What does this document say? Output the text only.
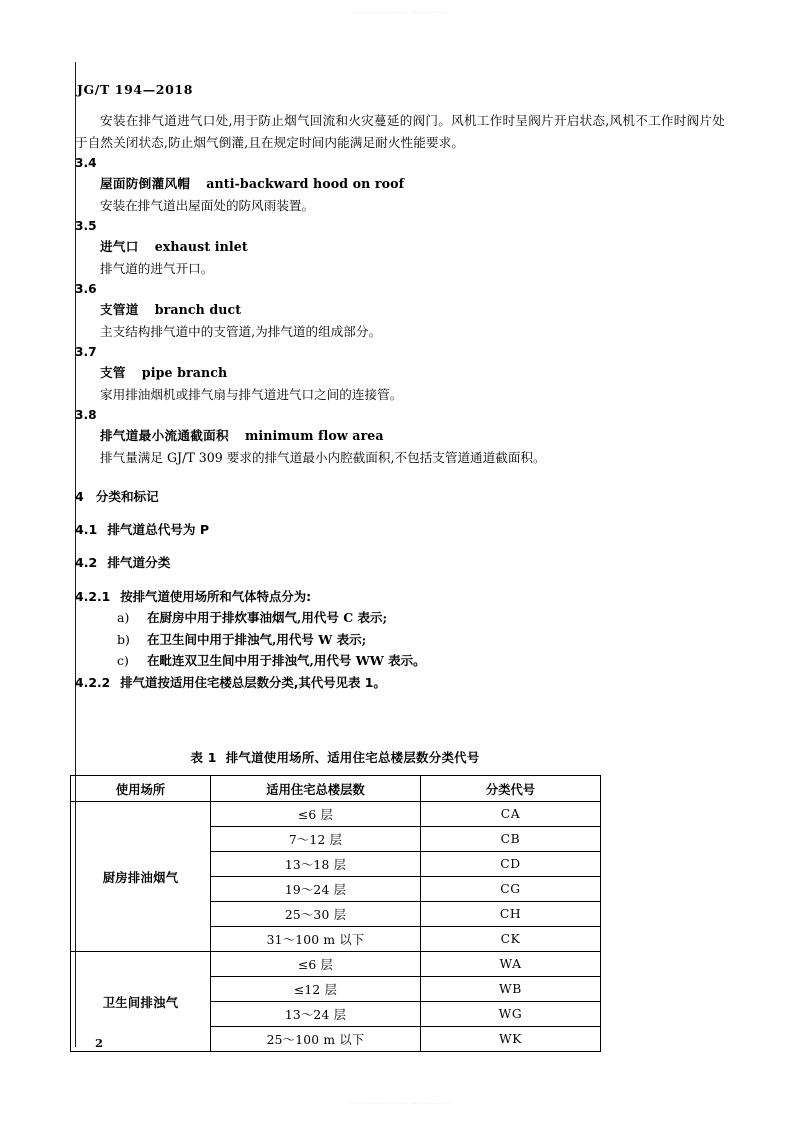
······················ ····· ··········· ·······
JG/T 194—2018

安装在排气道进气口处,用于防止烟气回流和火灾蔓延的阀门。风机工作时呈阀片开启状态,风机不工作时阀片处于自然关闭状态,防止烟气倒灌,且在规定时间内能满足耐火性能要求。

3.4

屋面防倒灌风帽 anti-backward hood on roof

安装在排气道出屋面处的防风雨装置。

3.5

进气口 exhaust inlet

排气道的进气开口。

3.6

支管道 branch duct

主支结构排气道中的支管道,为排气道的组成部分。

3.7

支管 pipe branch

家用排油烟机或排气扇与排气道进气口之间的连接管。

3.8

排气道最小流通截面积 minimum flow area

排气量满足 GJ/T 309 要求的排气道最小内腔截面积,不包括支管道通道截面积。

4 分类和标记
4.1 排气道总代号为 P
4.2 排气道分类

4.2.1 按排气道使用场所和气体特点分为:

a) 在厨房中用于排炊事油烟气,用代号 C 表示;
b) 在卫生间中用于排浊气,用代号 W 表示;
c) 在毗连双卫生间中用于排浊气,用代号 WW 表示。

4.2.2 排气道按适用住宅楼总层数分类,其代号见表 1。

表 1 排气道使用场所、适用住宅总楼层数分类代号
使用场所	适用住宅总楼层数	分类代号
厨房排油烟气	≤6 层	CA
	7～12 层	CB
	13～18 层	CD
	19～24 层	CG
	25～30 层	CH
	31～100 m 以下	CK
卫生间排浊气	≤6 层	WA
	≤12 层	WB
	13～24 层	WG
	25～100 m 以下	WK
2
······················ ····· ··········· ·······
